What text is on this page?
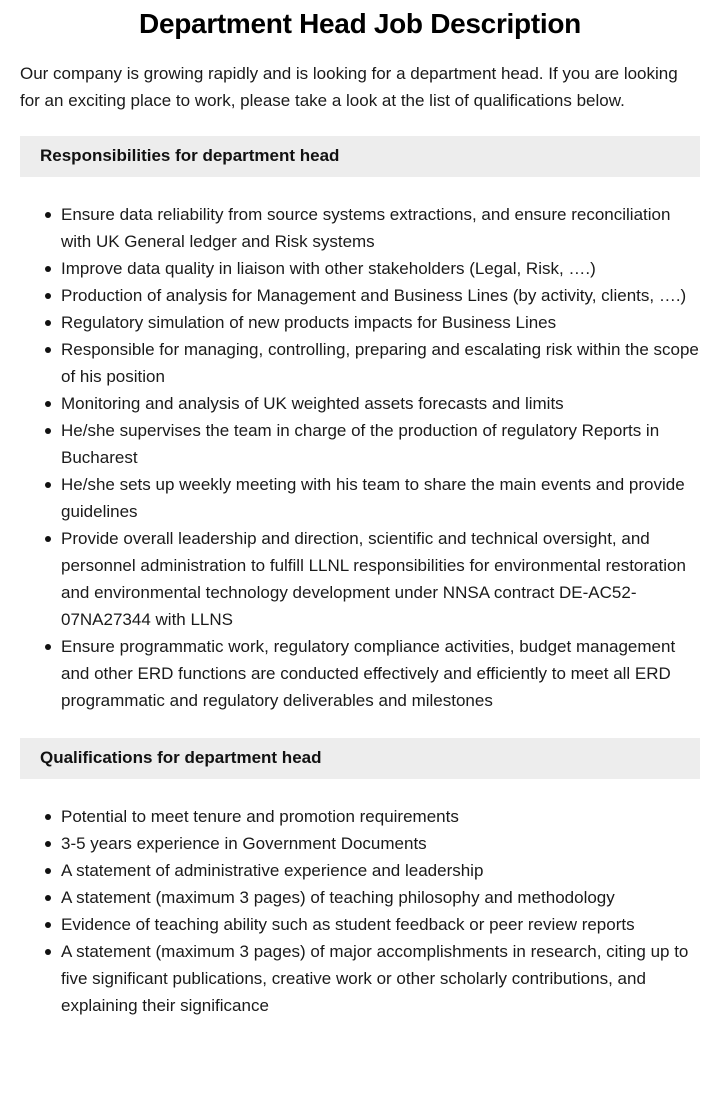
Department Head Job Description

Our company is growing rapidly and is looking for a department head. If you are looking for an exciting place to work, please take a look at the list of qualifications below.

Responsibilities for department head
Ensure data reliability from source systems extractions, and ensure reconciliation with UK General ledger and Risk systems
Improve data quality in liaison with other stakeholders (Legal, Risk, ….)
Production of analysis for Management and Business Lines (by activity, clients, ….)
Regulatory simulation of new products impacts for Business Lines
Responsible for managing, controlling, preparing and escalating risk within the scope of his position
Monitoring and analysis of UK weighted assets forecasts and limits
He/she supervises the team in charge of the production of regulatory Reports in Bucharest
He/she sets up weekly meeting with his team to share the main events and provide guidelines
Provide overall leadership and direction, scientific and technical oversight, and personnel administration to fulfill LLNL responsibilities for environmental restoration and environmental technology development under NNSA contract DE-AC52-07NA27344 with LLNS
Ensure programmatic work, regulatory compliance activities, budget management and other ERD functions are conducted effectively and efficiently to meet all ERD programmatic and regulatory deliverables and milestones
Qualifications for department head
Potential to meet tenure and promotion requirements
3-5 years experience in Government Documents
A statement of administrative experience and leadership
A statement (maximum 3 pages) of teaching philosophy and methodology
Evidence of teaching ability such as student feedback or peer review reports
A statement (maximum 3 pages) of major accomplishments in research, citing up to five significant publications, creative work or other scholarly contributions, and explaining their significance
